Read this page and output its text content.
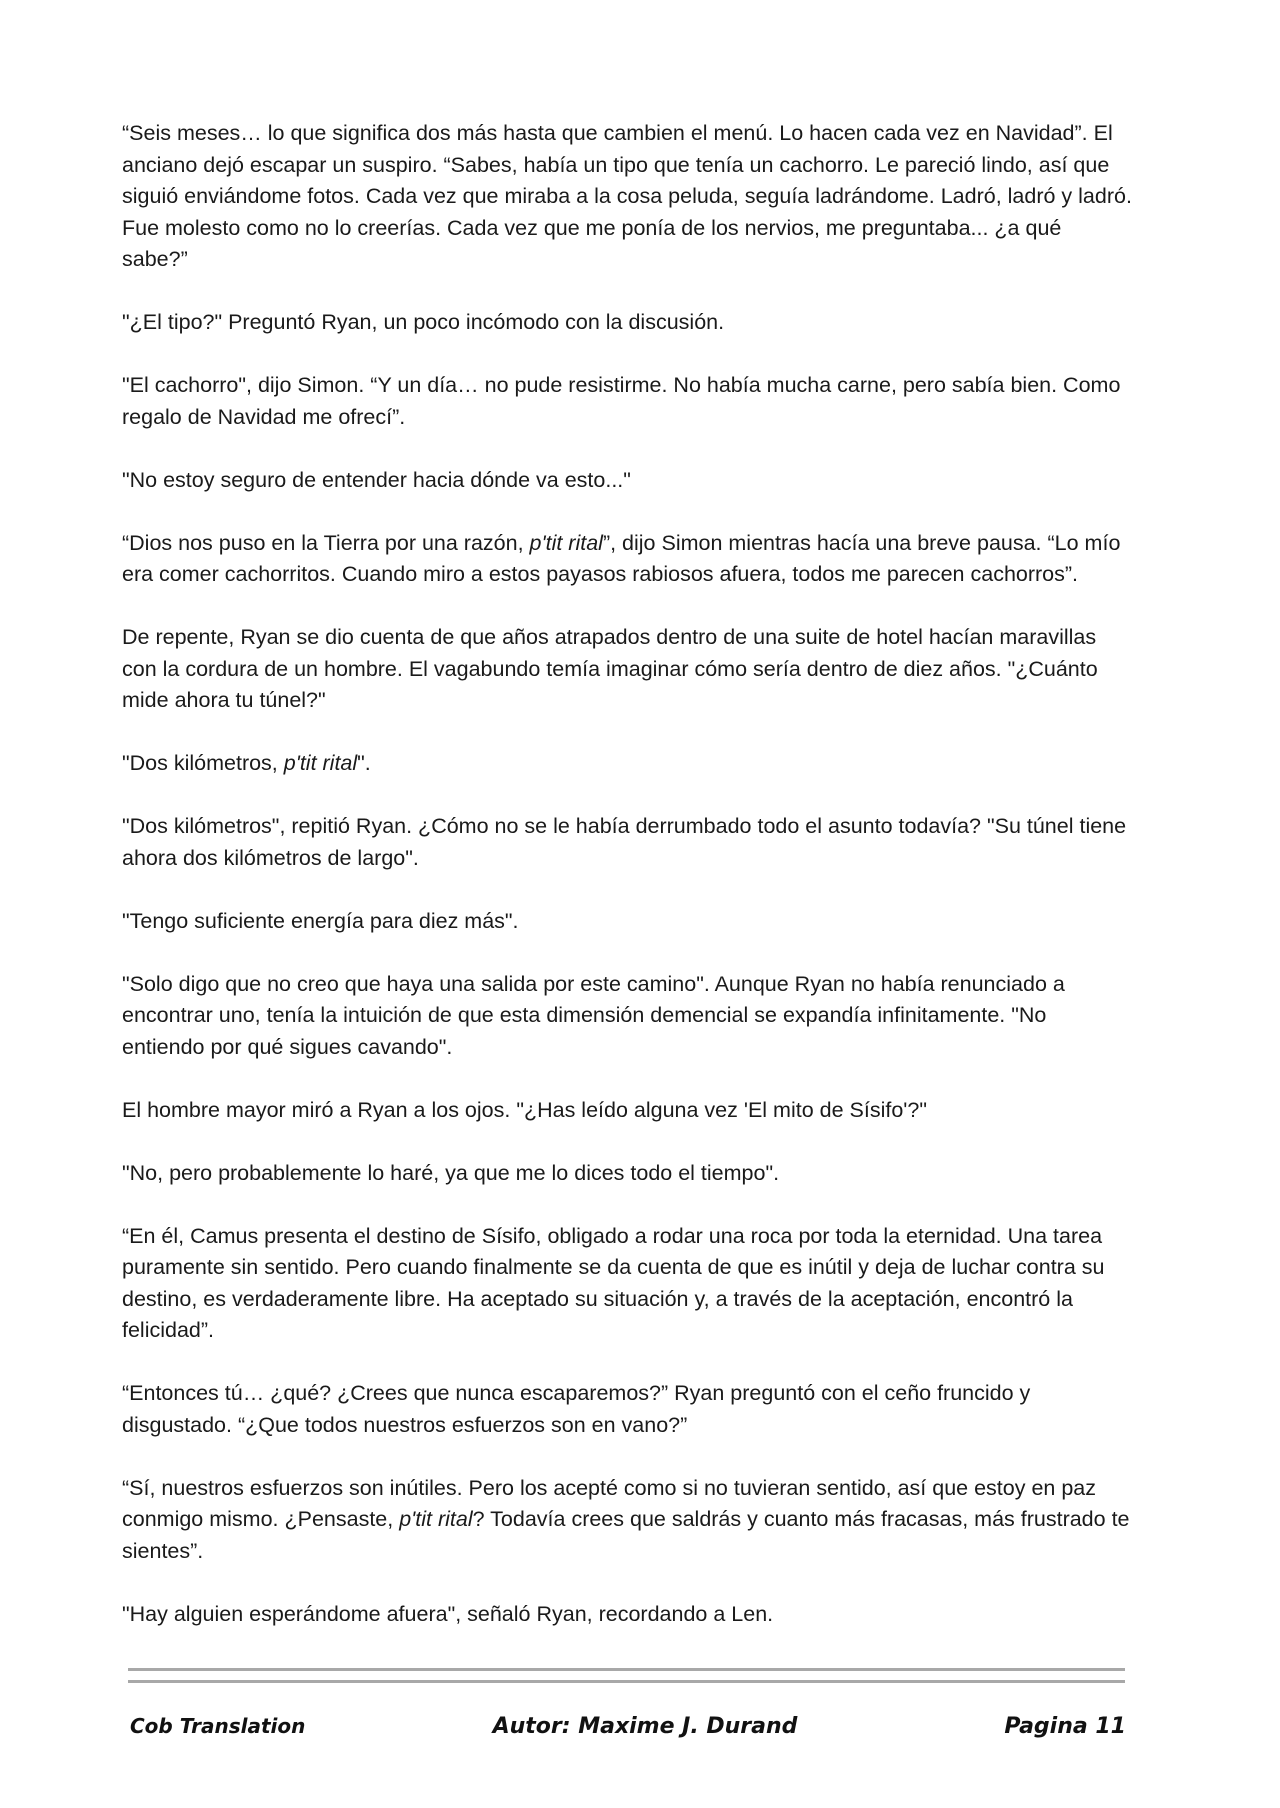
“Seis meses… lo que significa dos más hasta que cambien el menú. Lo hacen cada vez en Navidad”. El anciano dejó escapar un suspiro. “Sabes, había un tipo que tenía un cachorro. Le pareció lindo, así que siguió enviándome fotos. Cada vez que miraba a la cosa peluda, seguía ladrándome. Ladró, ladró y ladró. Fue molesto como no lo creerías. Cada vez que me ponía de los nervios, me preguntaba... ¿a qué sabe?”

"¿El tipo?" Preguntó Ryan, un poco incómodo con la discusión.

"El cachorro", dijo Simon. “Y un día… no pude resistirme. No había mucha carne, pero sabía bien. Como regalo de Navidad me ofrecí”.

"No estoy seguro de entender hacia dónde va esto..."

“Dios nos puso en la Tierra por una razón, p'tit rital”, dijo Simon mientras hacía una breve pausa. “Lo mío era comer cachorritos. Cuando miro a estos payasos rabiosos afuera, todos me parecen cachorros”.

De repente, Ryan se dio cuenta de que años atrapados dentro de una suite de hotel hacían maravillas con la cordura de un hombre. El vagabundo temía imaginar cómo sería dentro de diez años. "¿Cuánto mide ahora tu túnel?"

"Dos kilómetros, p'tit rital".

"Dos kilómetros", repitió Ryan. ¿Cómo no se le había derrumbado todo el asunto todavía? "Su túnel tiene ahora dos kilómetros de largo".

"Tengo suficiente energía para diez más".

"Solo digo que no creo que haya una salida por este camino". Aunque Ryan no había renunciado a encontrar uno, tenía la intuición de que esta dimensión demencial se expandía infinitamente. "No entiendo por qué sigues cavando".

El hombre mayor miró a Ryan a los ojos. "¿Has leído alguna vez 'El mito de Sísifo'?"

"No, pero probablemente lo haré, ya que me lo dices todo el tiempo".

“En él, Camus presenta el destino de Sísifo, obligado a rodar una roca por toda la eternidad. Una tarea puramente sin sentido. Pero cuando finalmente se da cuenta de que es inútil y deja de luchar contra su destino, es verdaderamente libre. Ha aceptado su situación y, a través de la aceptación, encontró la felicidad”.

“Entonces tú… ¿qué? ¿Crees que nunca escaparemos?” Ryan preguntó con el ceño fruncido y disgustado. “¿Que todos nuestros esfuerzos son en vano?”

“Sí, nuestros esfuerzos son inútiles. Pero los acepté como si no tuvieran sentido, así que estoy en paz conmigo mismo. ¿Pensaste, p'tit rital? Todavía crees que saldrás y cuanto más fracasas, más frustrado te sientes”.

"Hay alguien esperándome afuera", señaló Ryan, recordando a Len.

Cob Translation	Autor: Maxime J. Durand	Pagina 11
